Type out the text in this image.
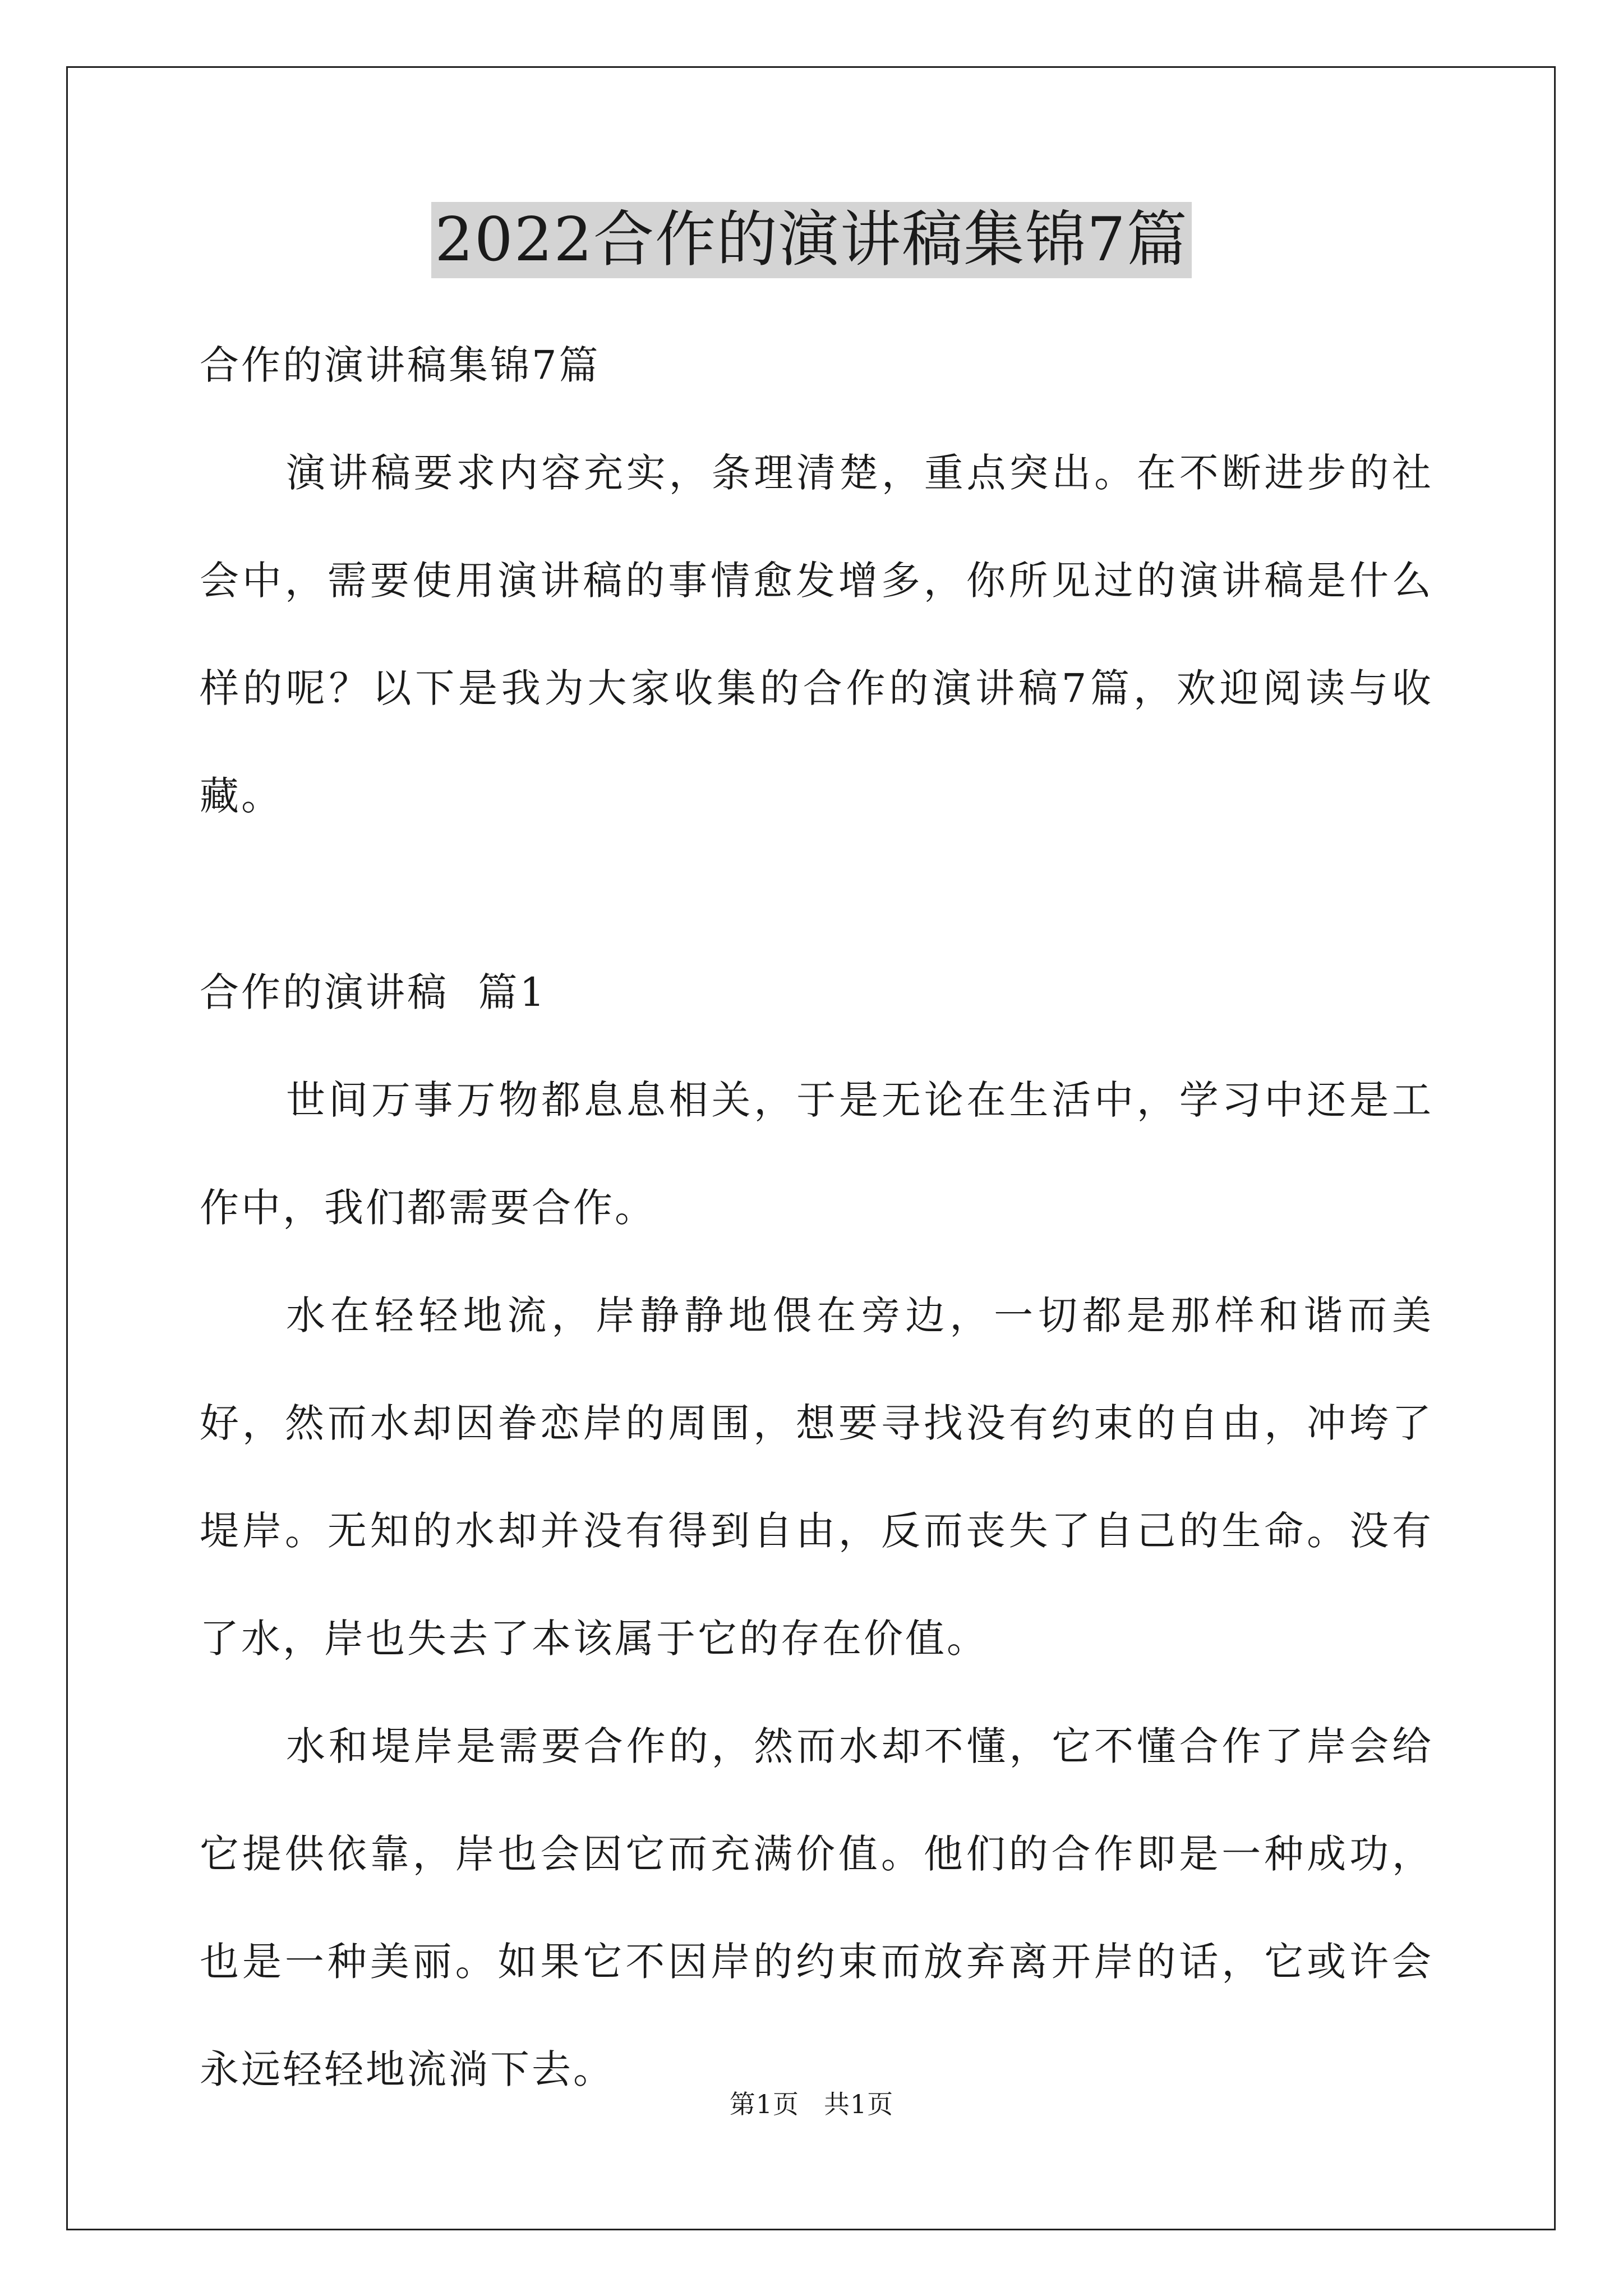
2022合作的演讲稿集锦7篇

合作的演讲稿集锦7篇

演讲稿要求内容充实，条理清楚，重点突出。在不断进步的社会中，需要使用演讲稿的事情愈发增多，你所见过的演讲稿是什么样的呢？以下是我为大家收集的合作的演讲稿7篇，欢迎阅读与收藏。

合作的演讲稿  篇1

世间万事万物都息息相关，于是无论在生活中，学习中还是工作中，我们都需要合作。

水在轻轻地流，岸静静地偎在旁边，一切都是那样和谐而美好，然而水却因眷恋岸的周围，想要寻找没有约束的自由，冲垮了堤岸。无知的水却并没有得到自由，反而丧失了自己的生命。没有了水，岸也失去了本该属于它的存在价值。

水和堤岸是需要合作的，然而水却不懂，它不懂合作了岸会给它提供依靠，岸也会因它而充满价值。他们的合作即是一种成功，也是一种美丽。如果它不因岸的约束而放弃离开岸的话，它或许会永远轻轻地流淌下去。

第1页 共1页
